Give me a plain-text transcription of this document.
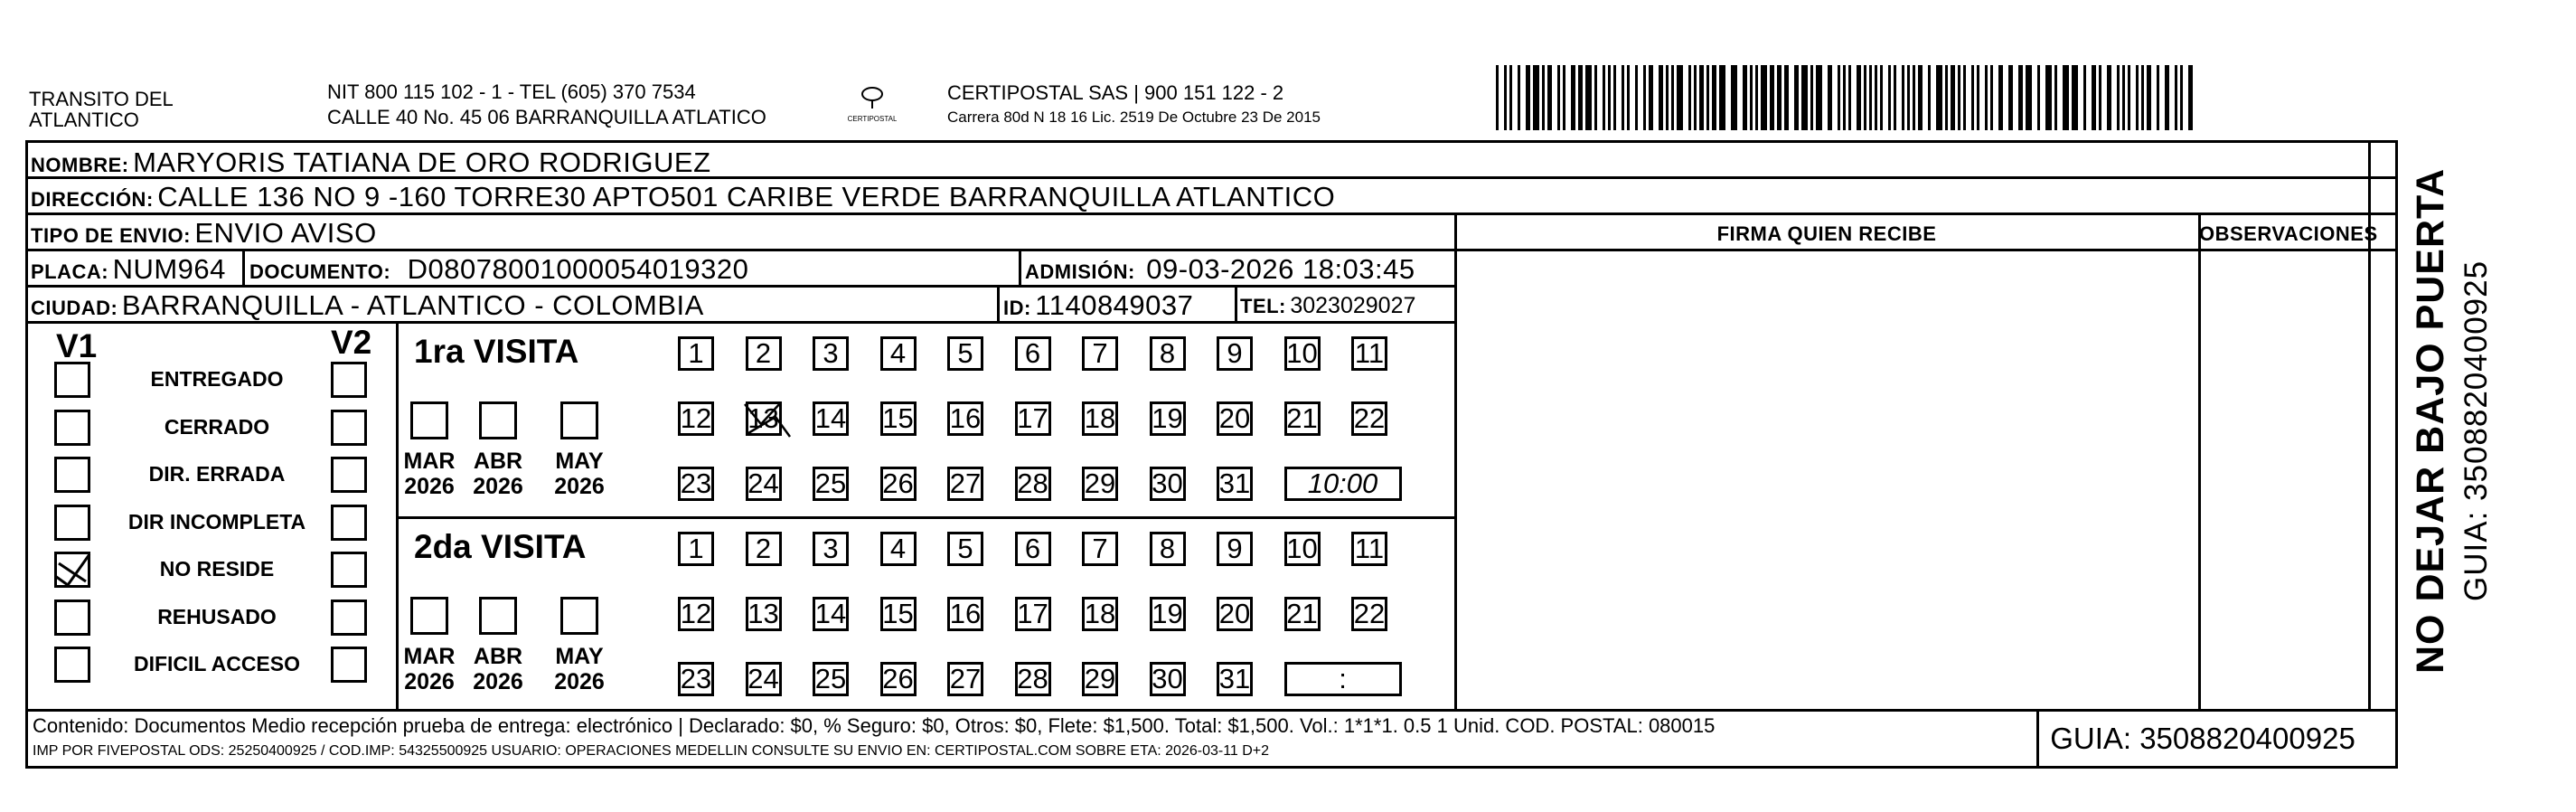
TRANSITO DEL
ATLANTICO
NIT 800 115 102 - 1 - TEL (605) 370 7534
CALLE 40 No. 45 06 BARRANQUILLA ATLATICO	CERTIPOSTAL
CERTIPOSTAL SAS | 900 151 122 - 2
Carrera 80d N 18 16 Lic. 2519 De Octubre 23 De 2015
NOMBRE: MARYORIS TATIANA DE ORO RODRIGUEZ
DIRECCIÓN: CALLE 136 NO 9 -160 TORRE30 APTO501 CARIBE VERDE BARRANQUILLA ATLANTICO
TIPO DE ENVIO: ENVIO AVISO	FIRMA QUIEN RECIBE	OBSERVACIONES
PLACA: NUM964 DOCUMENTO: D08078001000054019320	ADMISIÓN: 09-03-2026 18:03:45
CIUDAD: BARRANQUILLA - ATLANTICO - COLOMBIA	ID: 1140849037 TEL: 3023029027
V1	V2
ENTREGADO
CERRADO
DIR. ERRADA
DIR INCOMPLETA
NO RESIDE
REHUSADO
DIFICIL ACCESO
1ra VISITA
MAR
2026
ABR
2026
MAY
2026
1	2	3	4	5	6	7	8	9	10 11
12 13 14 15 16 17 18 19 20 21 22
23 24 25 26 27 28 29 30 31	10:00
2da VISITA
MAR
2026
ABR
2026
MAY
2026
1	2	3	4	5	6	7	8	9	10 11
12 13 14 15 16 17 18 19 20 21 22
23 24 25 26 27 28 29 30 31	:
Contenido: Documentos Medio recepción prueba de entrega: electrónico | Declarado: $0, % Seguro: $0, Otros: $0, Flete: $1,500. Total: $1,500. Vol.: 1*1*1. 0.5 1 Unid. COD. POSTAL: 080015
IMP POR FIVEPOSTAL ODS: 25250400925 / COD.IMP: 54325500925 USUARIO: OPERACIONES MEDELLIN CONSULTE SU ENVIO EN: CERTIPOSTAL.COM SOBRE ETA: 2026-03-11 D+2	GUIA: 3508820400925
NO DEJAR BAJO PUERTA GUIA: 3508820400925
